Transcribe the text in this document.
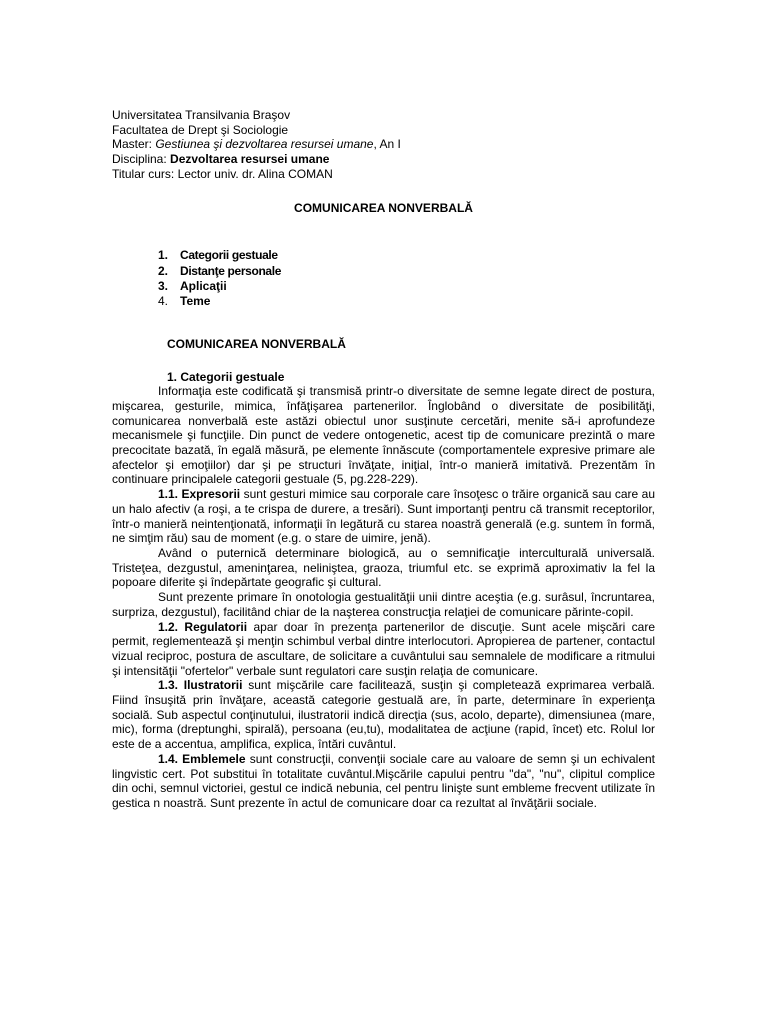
Universitatea Transilvania Braşov

Facultatea de Drept şi Sociologie

Master: Gestiunea şi dezvoltarea resursei umane, An I

Disciplina: Dezvoltarea resursei umane

Titular curs: Lector univ. dr. Alina COMAN

COMUNICAREA NONVERBALĂ
1. Categorii gestuale
2. Distanţe personale
3. Aplicaţii
4. Teme
COMUNICAREA NONVERBALĂ
1. Categorii gestuale

Informaţia este codificată şi transmisă printr-o diversitate de semne legate direct de postura, mişcarea, gesturile, mimica, înfăţişarea partenerilor. Înglobând o diversitate de posibilităţi, comunicarea nonverbală este astăzi obiectul unor susţinute cercetări, menite să-i aprofundeze mecanismele şi funcţiile. Din punct de vedere ontogenetic, acest tip de comunicare prezintă o mare precocitate bazată, în egală măsură, pe elemente înnăscute (comportamentele expresive primare ale afectelor şi emoţiilor) dar şi pe structuri învăţate, iniţial, într-o manieră imitativă. Prezentăm în continuare principalele categorii gestuale (5, pg.228-229).

1.1. Expresorii sunt gesturi mimice sau corporale care însoţesc o trăire organică sau care au un halo afectiv (a roşi, a te crispa de durere, a tresări). Sunt importanţi pentru că transmit receptorilor, într-o manieră neintenţionată, informaţii în legătură cu starea noastră generală (e.g. suntem în formă, ne simţim rău) sau de moment (e.g. o stare de uimire, jenă).

Având o puternică determinare biologică, au o semnificaţie interculturală universală. Tristeţea, dezgustul, ameninţarea, neliniştea, graoza, triumful etc. se exprimă aproximativ la fel la popoare diferite şi îndepărtate geografic şi cultural.

Sunt prezente primare în onotologia gestualităţii unii dintre aceştia (e.g. surâsul, încruntarea, surpriza, dezgustul), facilitând chiar de la naşterea construcţia relaţiei de comunicare părinte-copil.

1.2. Regulatorii apar doar în prezenţa partenerilor de discuţie. Sunt acele mişcări care permit, reglementează şi menţin schimbul verbal dintre interlocutori. Apropierea de partener, contactul vizual reciproc, postura de ascultare, de solicitare a cuvântului sau semnalele de modificare a ritmului şi intensităţii "ofertelor" verbale sunt regulatori care susţin relaţia de comunicare.

1.3. Ilustratorii sunt mişcările care facilitează, susţin şi completează exprimarea verbală. Fiind însuşită prin învăţare, această categorie gestuală are, în parte, determinare în experienţa socială. Sub aspectul conţinutului, ilustratorii indică direcţia (sus, acolo, departe), dimensiunea (mare, mic), forma (dreptunghi, spirală), persoana (eu,tu), modalitatea de acţiune (rapid, încet) etc. Rolul lor este de a accentua, amplifica, explica, întări cuvântul.

1.4. Emblemele sunt construcţii, convenţii sociale care au valoare de semn şi un echivalent lingvistic cert. Pot substitui în totalitate cuvântul.Mişcările capului pentru "da", "nu", clipitul complice din ochi, semnul victoriei, gestul ce indică nebunia, cel pentru linişte sunt embleme frecvent utilizate în gestica n noastră. Sunt prezente în actul de comunicare doar ca rezultat al învăţării sociale.
